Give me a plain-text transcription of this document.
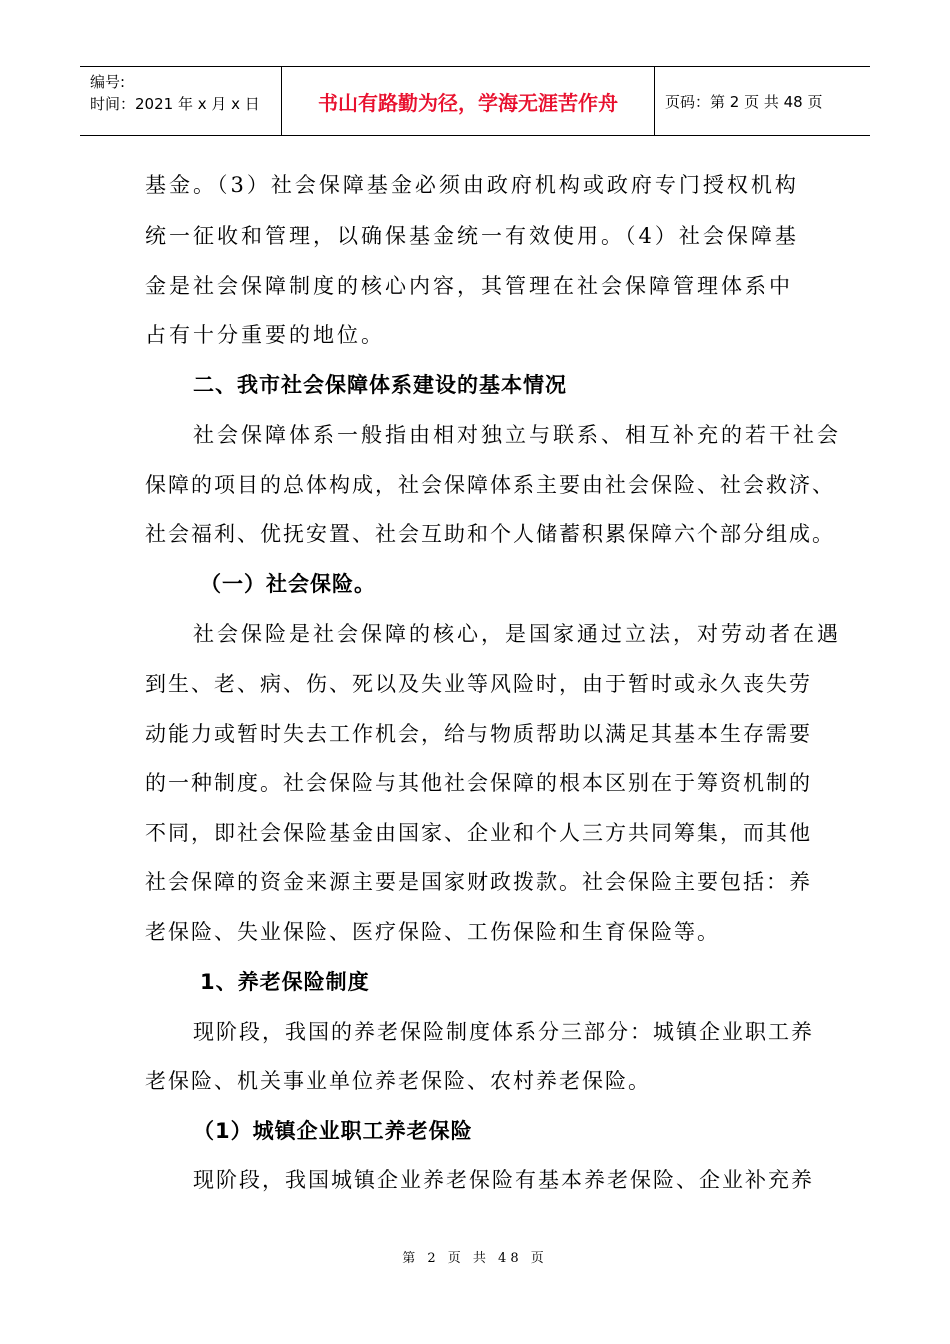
编号:
时间：2021 年 x 月 x 日	书山有路勤为径，学海无涯苦作舟	页码：第 2 页 共 48 页
基金。（3）社会保障基金必须由政府机构或政府专门授权机构
统一征收和管理，以确保基金统一有效使用。（4）社会保障基
金是社会保障制度的核心内容，其管理在社会保障管理体系中
占有十分重要的地位。
二、我市社会保障体系建设的基本情况
社会保障体系一般指由相对独立与联系、相互补充的若干社会
保障的项目的总体构成，社会保障体系主要由社会保险、社会救济、
社会福利、优抚安置、社会互助和个人储蓄积累保障六个部分组成。
（一）社会保险。
社会保险是社会保障的核心，是国家通过立法，对劳动者在遇
到生、老、病、伤、死以及失业等风险时，由于暂时或永久丧失劳
动能力或暂时失去工作机会，给与物质帮助以满足其基本生存需要
的一种制度。社会保险与其他社会保障的根本区别在于筹资机制的
不同，即社会保险基金由国家、企业和个人三方共同筹集，而其他
社会保障的资金来源主要是国家财政拨款。社会保险主要包括：养
老保险、失业保险、医疗保险、工伤保险和生育保险等。
1、养老保险制度
现阶段，我国的养老保险制度体系分三部分：城镇企业职工养
老保险、机关事业单位养老保险、农村养老保险。
（1）城镇企业职工养老保险
现阶段，我国城镇企业养老保险有基本养老保险、企业补充养
第 2 页 共 48 页
